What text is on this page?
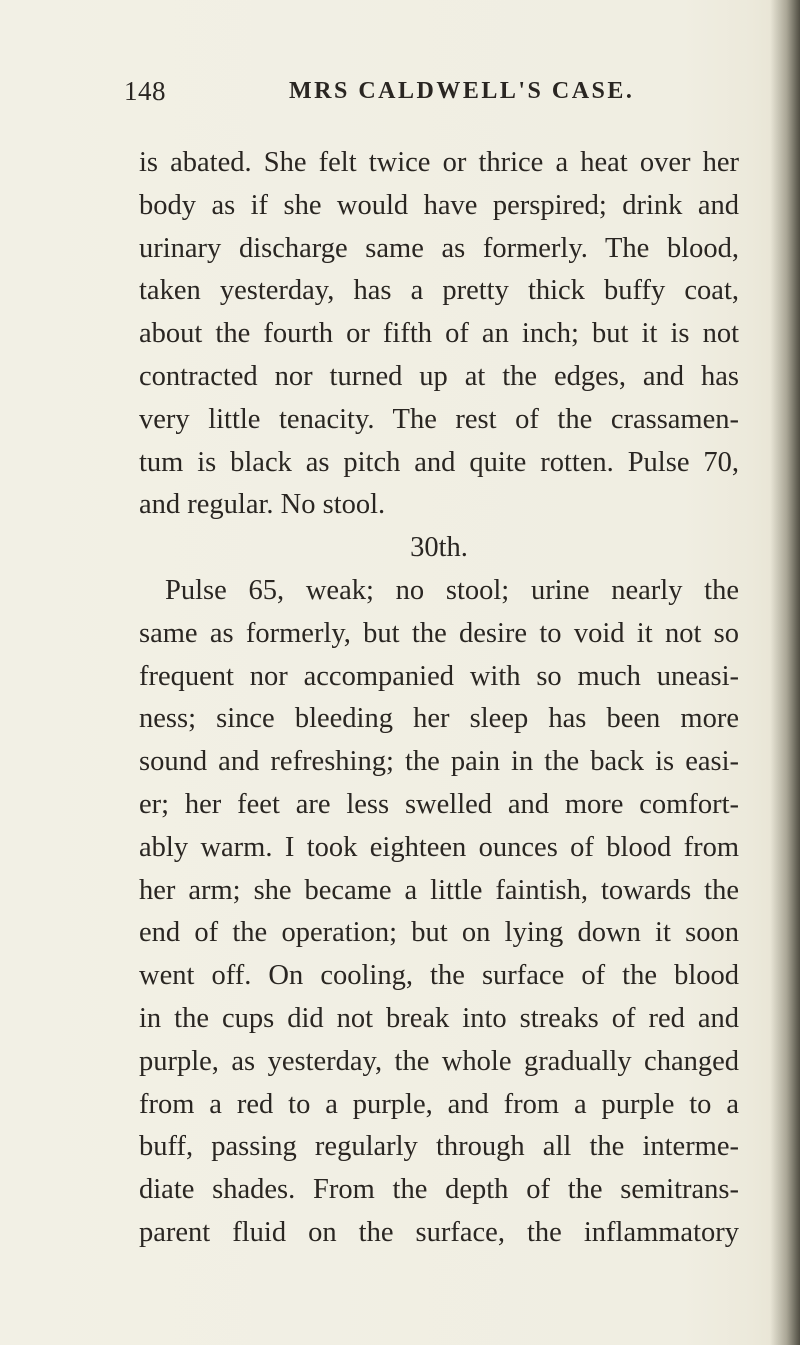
148	MRS CALDWELL'S CASE.
is abated. She felt twice or thrice a heat over her
body as if she would have perspired; drink and
urinary discharge same as formerly. The blood,
taken yesterday, has a pretty thick buffy coat,
about the fourth or fifth of an inch; but it is not
contracted nor turned up at the edges, and has
very little tenacity. The rest of the crassamen-
tum is black as pitch and quite rotten. Pulse 70,
and regular. No stool.
30th.
Pulse 65, weak; no stool; urine nearly the
same as formerly, but the desire to void it not so
frequent nor accompanied with so much uneasi-
ness; since bleeding her sleep has been more
sound and refreshing; the pain in the back is easi-
er; her feet are less swelled and more comfort-
ably warm. I took eighteen ounces of blood from
her arm; she became a little faintish, towards the
end of the operation; but on lying down it soon
went off. On cooling, the surface of the blood
in the cups did not break into streaks of red and
purple, as yesterday, the whole gradually changed
from a red to a purple, and from a purple to a
buff, passing regularly through all the interme-
diate shades. From the depth of the semitrans-
parent fluid on the surface, the inflammatory
